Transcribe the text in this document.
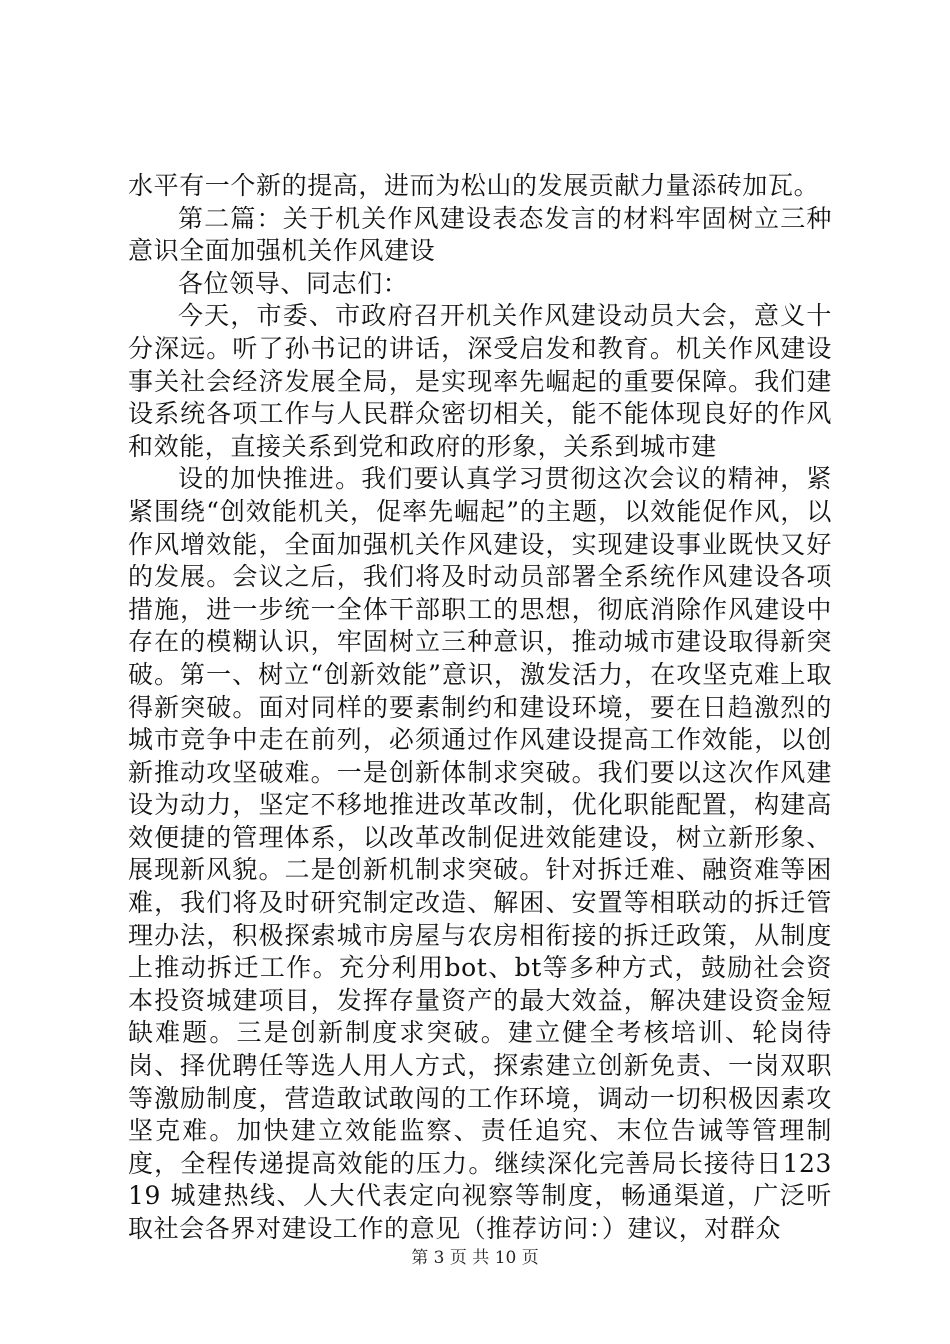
水平有一个新的提高，进而为松山的发展贡献力量添砖加瓦。

第二篇：关于机关作风建设表态发言的材料牢固树立三种意识全面加强机关作风建设

各位领导、同志们：

今天，市委、市政府召开机关作风建设动员大会，意义十分深远。听了孙书记的讲话，深受启发和教育。机关作风建设事关社会经济发展全局，是实现率先崛起的重要保障。我们建设系统各项工作与人民群众密切相关，能不能体现良好的作风和效能，直接关系到党和政府的形象，关系到城市建

设的加快推进。我们要认真学习贯彻这次会议的精神，紧紧围绕“创效能机关，促率先崛起”的主题，以效能促作风，以作风增效能，全面加强机关作风建设，实现建设事业既快又好的发展。会议之后，我们将及时动员部署全系统作风建设各项措施，进一步统一全体干部职工的思想，彻底消除作风建设中存在的模糊认识，牢固树立三种意识，推动城市建设取得新突破。第一、树立“创新效能”意识，激发活力，在攻坚克难上取得新突破。面对同样的要素制约和建设环境，要在日趋激烈的城市竞争中走在前列，必须通过作风建设提高工作效能，以创新推动攻坚破难。一是创新体制求突破。我们要以这次作风建设为动力，坚定不移地推进改革改制，优化职能配置，构建高效便捷的管理体系，以改革改制促进效能建设，树立新形象、展现新风貌。二是创新机制求突破。针对拆迁难、融资难等困难，我们将及时研究制定改造、解困、安置等相联动的拆迁管理办法，积极探索城市房屋与农房相衔接的拆迁政策，从制度上推动拆迁工作。充分利用bot、bt等多种方式，鼓励社会资本投资城建项目，发挥存量资产的最大效益，解决建设资金短缺难题。三是创新制度求突破。建立健全考核培训、轮岗待岗、择优聘任等选人用人方式，探索建立创新免责、一岗双职等激励制度，营造敢试敢闯的工作环境，调动一切积极因素攻坚克难。加快建立效能监察、责任追究、末位告诫等管理制度，全程传递提高效能的压力。继续深化完善局长接待日12319 城建热线、人大代表定向视察等制度，畅通渠道，广泛听取社会各界对建设工作的意见（推荐访问：）建议，对群众

第 3 页 共 10 页
